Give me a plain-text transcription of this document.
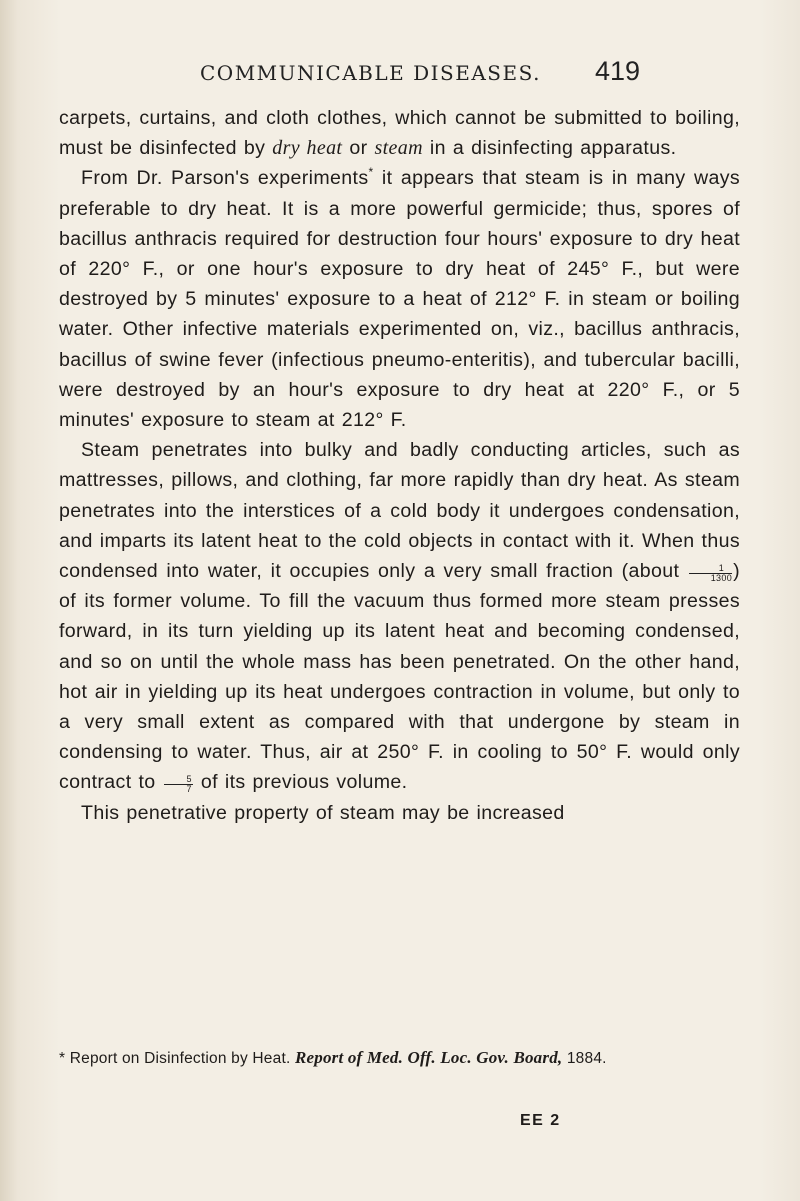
COMMUNICABLE DISEASES. 419

carpets, curtains, and cloth clothes, which cannot be submitted to boiling, must be disinfected by dry heat or steam in a disinfecting apparatus.

From Dr. Parson's experiments* it appears that steam is in many ways preferable to dry heat. It is a more powerful germicide; thus, spores of bacillus anthracis required for destruction four hours' exposure to dry heat of 220° F., or one hour's exposure to dry heat of 245° F., but were destroyed by 5 minutes' exposure to a heat of 212° F. in steam or boiling water. Other infective materials experimented on, viz., bacillus anthracis, bacillus of swine fever (infectious pneumo-enteritis), and tubercular bacilli, were destroyed by an hour's exposure to dry heat at 220° F., or 5 minutes' exposure to steam at 212° F.

Steam penetrates into bulky and badly conducting articles, such as mattresses, pillows, and clothing, far more rapidly than dry heat. As steam penetrates into the interstices of a cold body it undergoes condensation, and imparts its latent heat to the cold objects in contact with it. When thus condensed into water, it occupies only a very small fraction (about $\frac{1}{1300}$ ) of its former volume. To fill the vacuum thus formed more steam presses forward, in its turn yielding up its latent heat and becoming condensed, and so on until the whole mass has been penetrated. On the other hand, hot air in yielding up its heat undergoes contraction in volume, but only to a very small extent as compared with that undergone by steam in condensing to water. Thus, air at 250° F. in cooling to 50° F. would only contract to $\frac{5}{7}$ of its previous volume.

This penetrative property of steam may be increased

* Report on Disinfection by Heat. Report of Med. Off. Loc. Gov. Board, 1884.
EE 2
